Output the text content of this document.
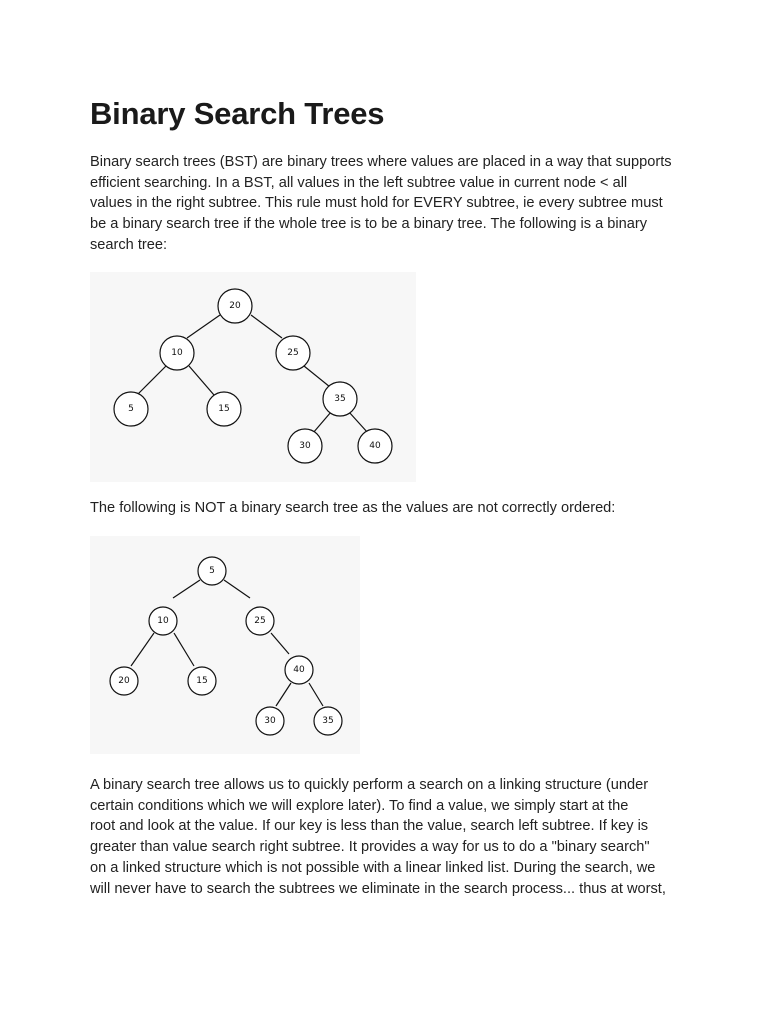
Binary Search Trees

Binary search trees (BST) are binary trees where values are placed in a way that supports
efficient searching. In a BST, all values in the left subtree value in current node < all
values in the right subtree. This rule must hold for EVERY subtree, ie every subtree must
be a binary search tree if the whole tree is to be a binary tree. The following is a binary
search tree:

20
10	25
5	15
35
30	40

The following is NOT a binary search tree as the values are not correctly ordered:

5
10	25
20	15
40
30	35

A binary search tree allows us to quickly perform a search on a linking structure (under
certain conditions which we will explore later). To find a value, we simply start at the
root and look at the value. If our key is less than the value, search left subtree. If key is
greater than value search right subtree. It provides a way for us to do a "binary search"
on a linked structure which is not possible with a linear linked list. During the search, we
will never have to search the subtrees we eliminate in the search process... thus at worst,
